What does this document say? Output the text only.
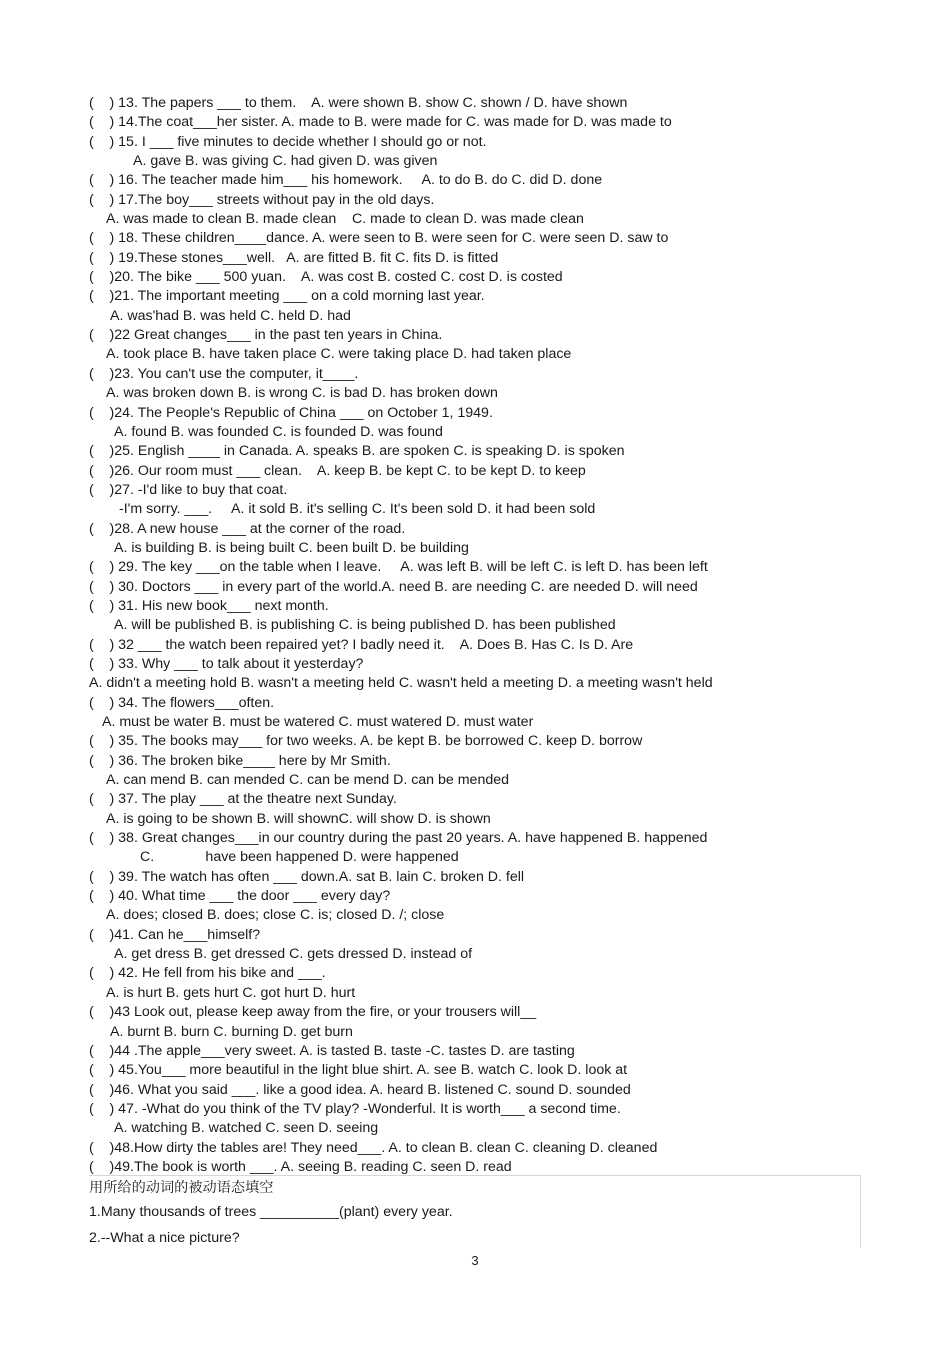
(    ) 13. The papers ___ to them.    A. were shown B. show C. shown / D. have shown
(    ) 14.The coat___her sister. A. made to B. were made for C. was made for D. was made to
(    ) 15. I ___ five minutes to decide whether I should go or not.
A. gave B. was giving C. had given D. was given
(    ) 16. The teacher made him___ his homework.     A. to do B. do C. did D. done
(    ) 17.The boy___ streets without pay in the old days.
A. was made to clean B. made clean    C. made to clean D. was made clean
(    ) 18. These children____dance. A. were seen to B. were seen for C. were seen D. saw to
(    ) 19.These stones___well.   A. are fitted B. fit C. fits D. is fitted
(    )20. The bike ___ 500 yuan.    A. was cost B. costed C. cost D. is costed
(    )21. The important meeting ___ on a cold morning last year.
A. was'had B. was held C. held D. had
(    )22 Great changes___ in the past ten years in China.
A. took place B. have taken place C. were taking place D. had taken place
(    )23. You can't use the computer, it____.
A. was broken down B. is wrong C. is bad D. has broken down
(    )24. The People's Republic of China ___ on October 1, 1949.
A. found B. was founded C. is founded D. was found
(    )25. English ____ in Canada. A. speaks B. are spoken C. is speaking D. is spoken
(    )26. Our room must ___ clean.    A. keep B. be kept C. to be kept D. to keep
(    )27. -I'd like to buy that coat.
-I'm sorry. ___.     A. it sold B. it's selling C. It's been sold D. it had been sold
(    )28. A new house ___ at the corner of the road.
A. is building B. is being built C. been built D. be building
(    ) 29. The key ___on the table when I leave.     A. was left B. will be left C. is left D. has been left
(    ) 30. Doctors ___ in every part of the world.A. need B. are needing C. are needed D. will need
(    ) 31. His new book___ next month.
A. will be published B. is publishing C. is being published D. has been published
(    ) 32 ___ the watch been repaired yet? I badly need it.    A. Does B. Has C. Is D. Are
(    ) 33. Why ___ to talk about it yesterday?
A. didn't a meeting hold B. wasn't a meeting held C. wasn't held a meeting D. a meeting wasn't held
(    ) 34. The flowers___often.
A. must be water B. must be watered C. must watered D. must water
(    ) 35. The books may___ for two weeks. A. be kept B. be borrowed C. keep D. borrow
(    ) 36. The broken bike____ here by Mr Smith.
A. can mend B. can mended C. can be mend D. can be mended
(    ) 37. The play ___ at the theatre next Sunday.
A. is going to be shown B. will shownC. will show D. is shown
(    ) 38. Great changes___in our country during the past 20 years. A. have happened B. happened
C.             have been happened D. were happened
(    ) 39. The watch has often ___ down.A. sat B. lain C. broken D. fell
(    ) 40. What time ___ the door ___ every day?
A. does; closed B. does; close C. is; closed D. /; close
(    )41. Can he___himself?
A. get dress B. get dressed C. gets dressed D. instead of
(    ) 42. He fell from his bike and ___.
A. is hurt B. gets hurt C. got hurt D. hurt
(    )43 Look out, please keep away from the fire, or your trousers will__
A. burnt B. burn C. burning D. get burn
(    )44 .The apple___very sweet. A. is tasted B. taste -C. tastes D. are tasting
(    ) 45.You___ more beautiful in the light blue shirt. A. see B. watch C. look D. look at
(    )46. What you said ___. like a good idea. A. heard B. listened C. sound D. sounded
(    ) 47. -What do you think of the TV play? -Wonderful. It is worth___ a second time.
A. watching B. watched C. seen D. seeing
(    )48.How dirty the tables are! They need___. A. to clean B. clean C. cleaning D. cleaned
(    )49.The book is worth ___. A. seeing B. reading C. seen D. read
用所给的动词的被动语态填空
1.Many thousands of trees __________(plant) every year.
2.--What a nice picture?
3
